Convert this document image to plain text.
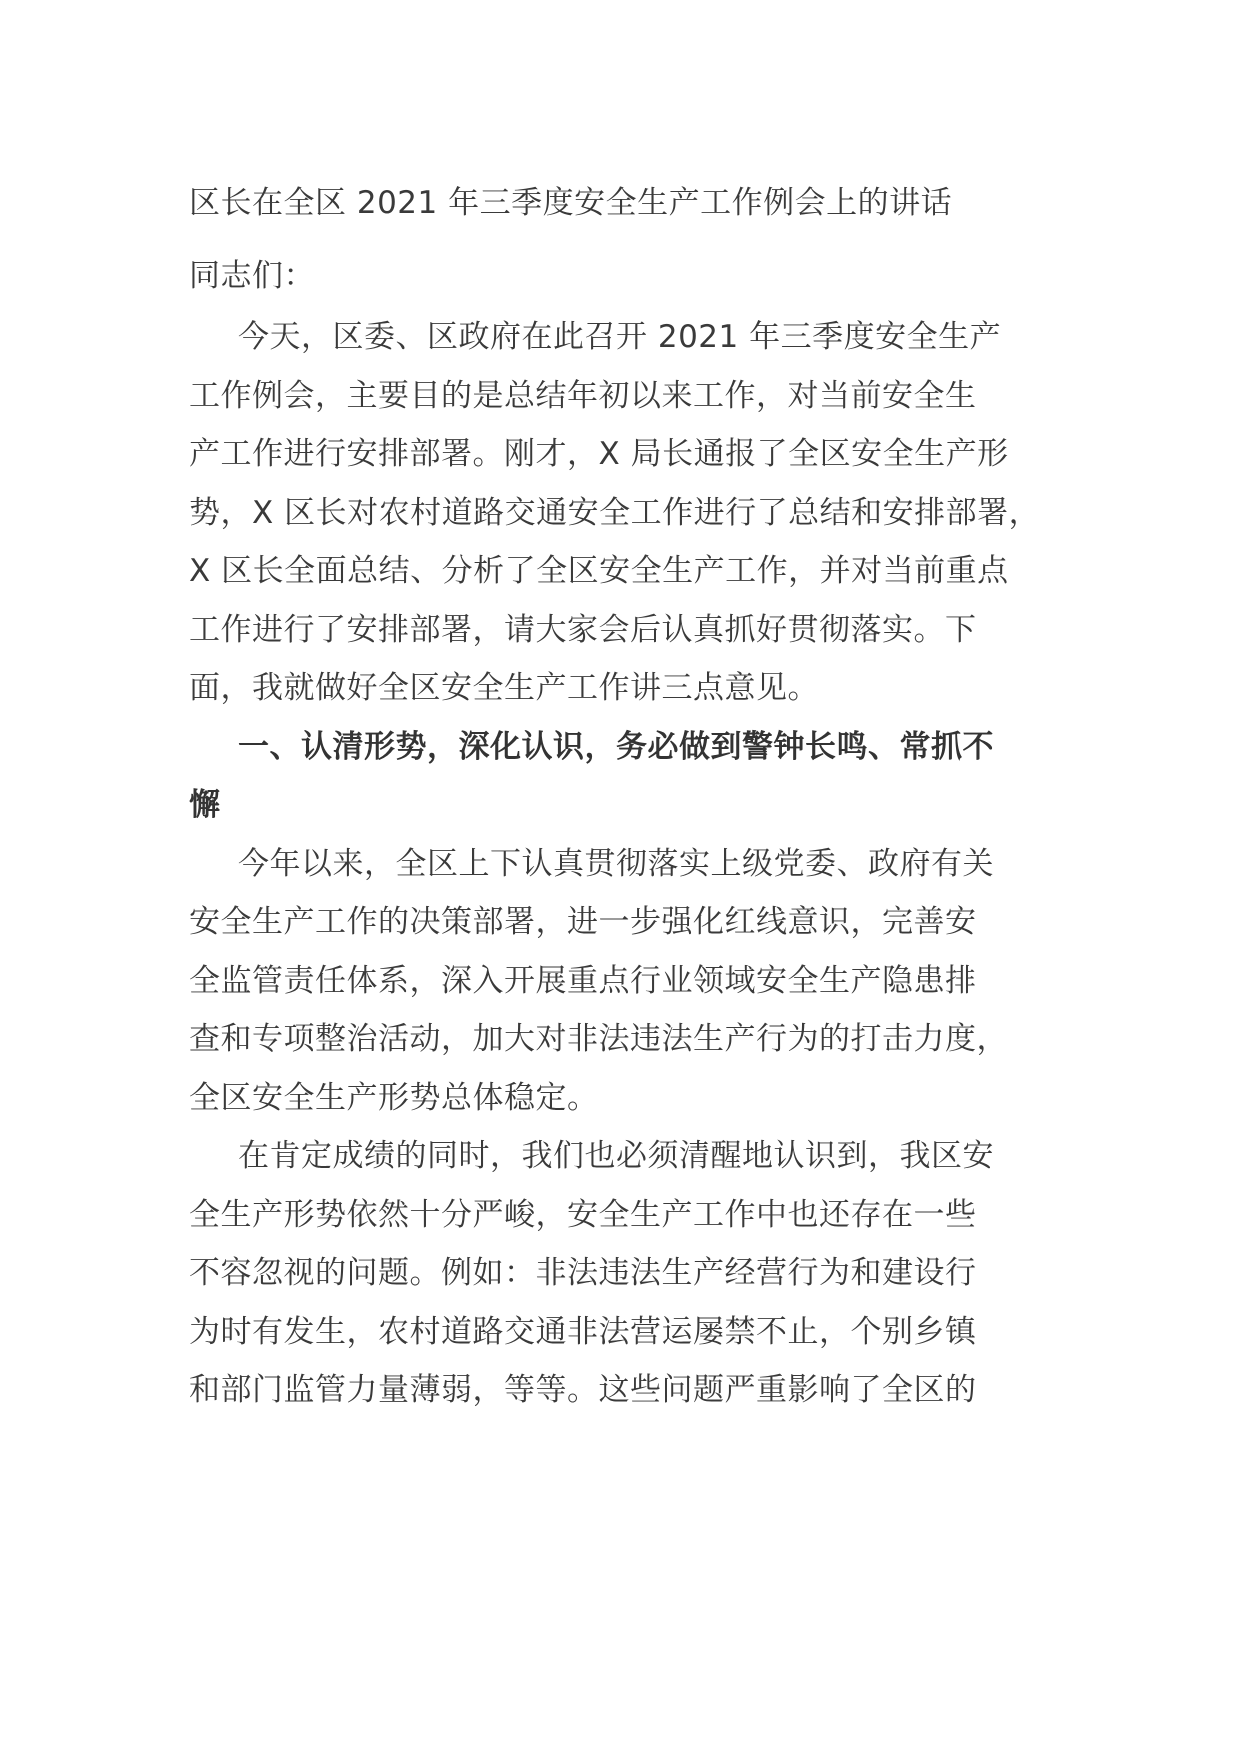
区长在全区 2021 年三季度安全生产工作例会上的讲话
同志们：
今天，区委、区政府在此召开 2021 年三季度安全生产
工作例会，主要目的是总结年初以来工作，对当前安全生
产工作进行安排部署。刚才，X 局长通报了全区安全生产形
势，X 区长对农村道路交通安全工作进行了总结和安排部署，
X 区长全面总结、分析了全区安全生产工作，并对当前重点
工作进行了安排部署，请大家会后认真抓好贯彻落实。下
面，我就做好全区安全生产工作讲三点意见。
一、认清形势，深化认识，务必做到警钟长鸣、常抓不
懈
今年以来，全区上下认真贯彻落实上级党委、政府有关
安全生产工作的决策部署，进一步强化红线意识，完善安
全监管责任体系，深入开展重点行业领域安全生产隐患排
查和专项整治活动，加大对非法违法生产行为的打击力度，
全区安全生产形势总体稳定。
在肯定成绩的同时，我们也必须清醒地认识到，我区安
全生产形势依然十分严峻，安全生产工作中也还存在一些
不容忽视的问题。例如：非法违法生产经营行为和建设行
为时有发生，农村道路交通非法营运屡禁不止，个别乡镇
和部门监管力量薄弱，等等。这些问题严重影响了全区的
